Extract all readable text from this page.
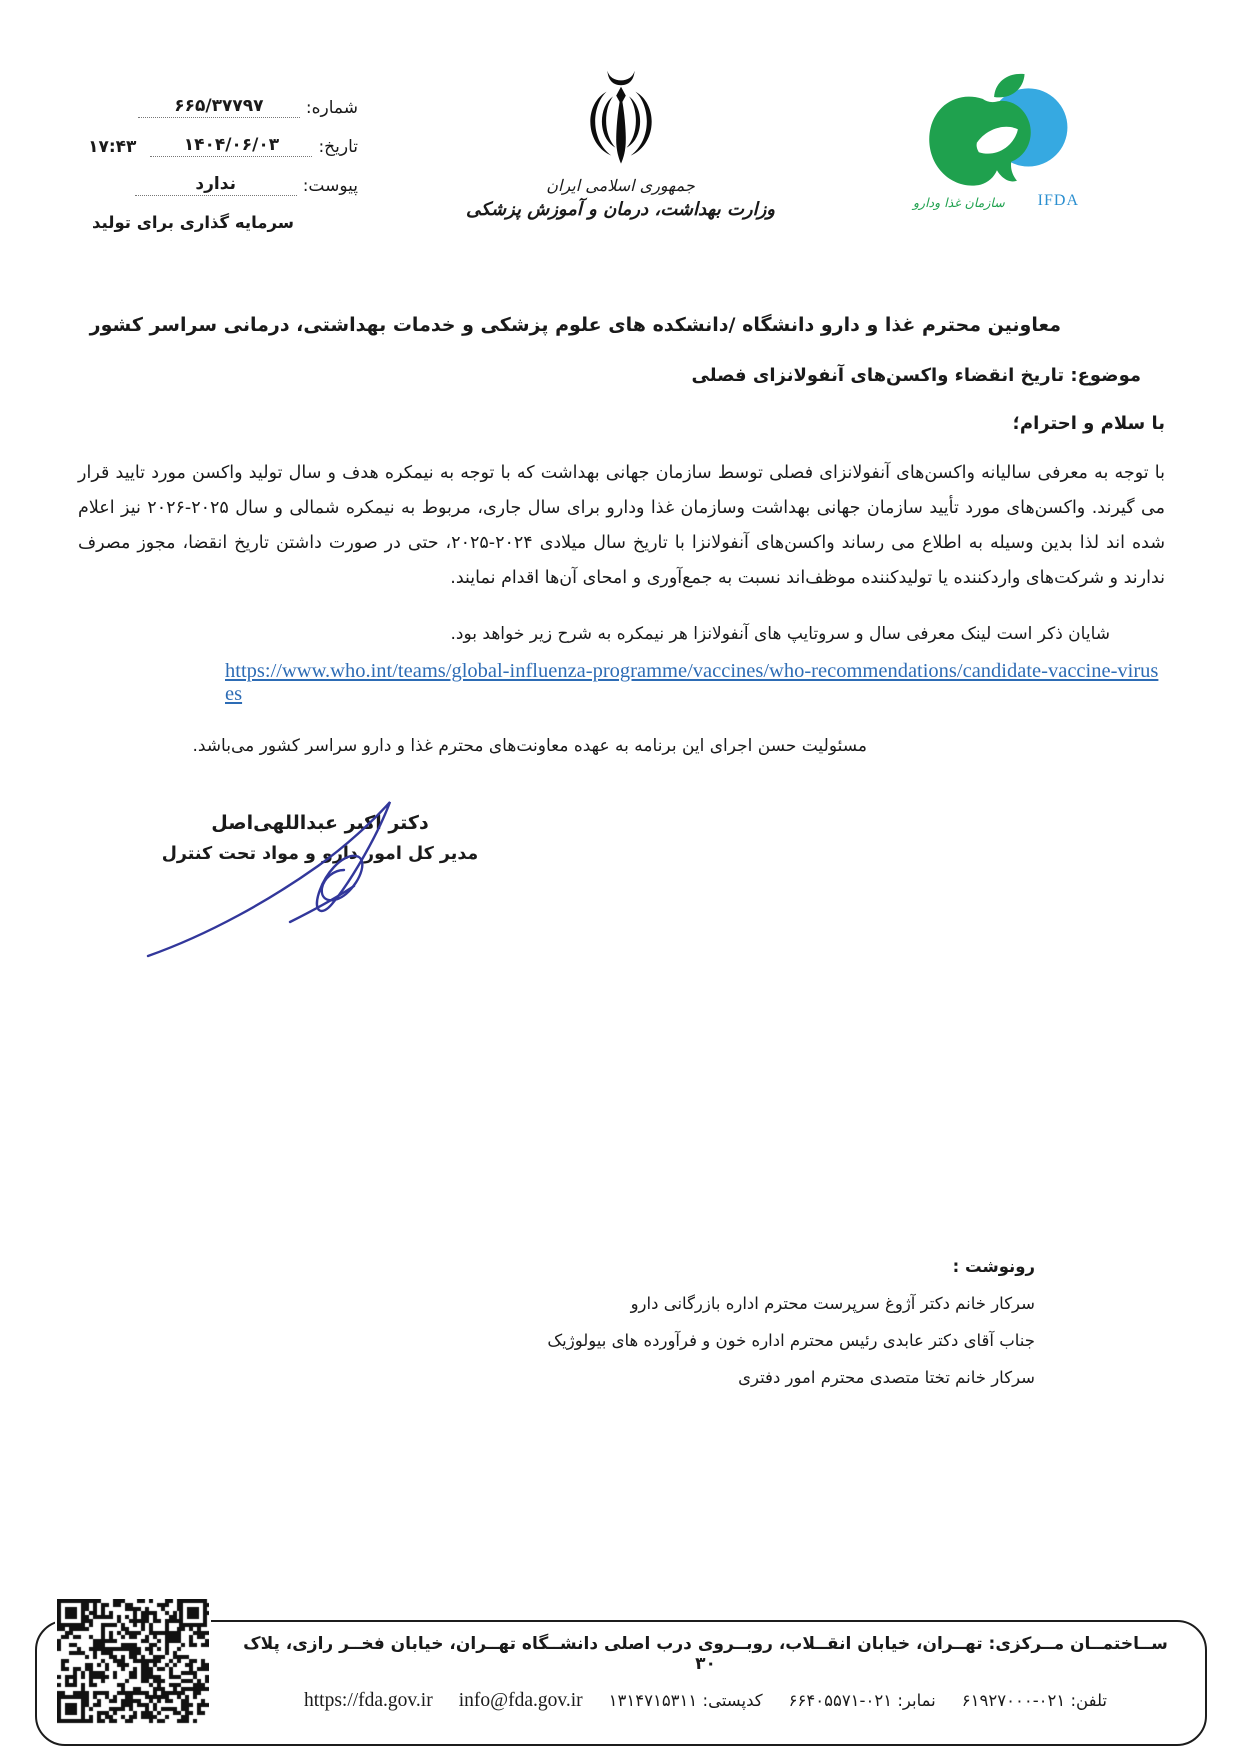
شماره:
۶۶۵/۳۷۷۹۷
تاریخ:
۱۴۰۴/۰۶/۰۳
۱۷:۴۳
پیوست:
ندارد
سرمایه گذاری برای تولید
جمهوری اسلامی ایران
وزارت بهداشت، درمان و آموزش پزشکی	سازمان غذا ودارو IFDA
معاونین محترم غذا و دارو دانشگاه /دانشکده های علوم پزشکی و خدمات بهداشتی، درمانی سراسر کشور
موضوع: تاریخ انقضاء واکسن‌های آنفولانزای فصلی
با سلام و احترام؛
با توجه به معرفی سالیانه واکسن‌های آنفولانزای فصلی توسط سازمان جهانی بهداشت که با توجه به نیمکره هدف و سال تولید واکسن مورد تایید قرار می گیرند. واکسن‌های مورد تأیید سازمان جهانی بهداشت وسازمان غذا ودارو برای سال جاری، مربوط به نیمکره شمالی و سال ۲۰۲۵-۲۰۲۶ نیز اعلام شده اند لذا بدین وسیله به اطلاع می رساند واکسن‌های آنفولانزا با تاریخ سال میلادی ۲۰۲۴-۲۰۲۵، حتی در صورت داشتن تاریخ انقضا، مجوز مصرف ندارند و شرکت‌های واردکننده یا تولیدکننده موظف‌اند نسبت به جمع‌آوری و امحای آن‌ها اقدام نمایند.
شایان ذکر است لینک معرفی سال و سروتایپ های آنفولانزا هر نیمکره به شرح زیر خواهد بود.
https://www.who.int/teams/global-influenza-programme/vaccines/who-recommendations/candidate-vaccine-viruses
مسئولیت حسن اجرای این برنامه به عهده معاونت‌های محترم غذا و دارو سراسر کشور می‌باشد.
دکتر اکبر عبداللهی‌اصل
مدیر کل امور دارو و مواد تحت کنترل
رونوشت :
سرکار خانم دکتر آژوغ سرپرست محترم اداره بازرگانی دارو
جناب آقای دکتر عابدی رئیس محترم اداره خون و فرآورده های بیولوژیک
سرکار خانم تختا متصدی محترم امور دفتری
ســاختمــان مــرکزی: تهــران، خیابان انقــلاب، روبــروی درب اصلی دانشــگاه تهــران، خیابان فخــر رازی، پلاک ۳۰
تلفن: ۰۲۱-۶۱۹۲۷۰۰۰
نمابر: ۰۲۱-۶۶۴۰۵۵۷۱
کدپستی: ۱۳۱۴۷۱۵۳۱۱
info@fda.gov.ir
https://fda.gov.ir
